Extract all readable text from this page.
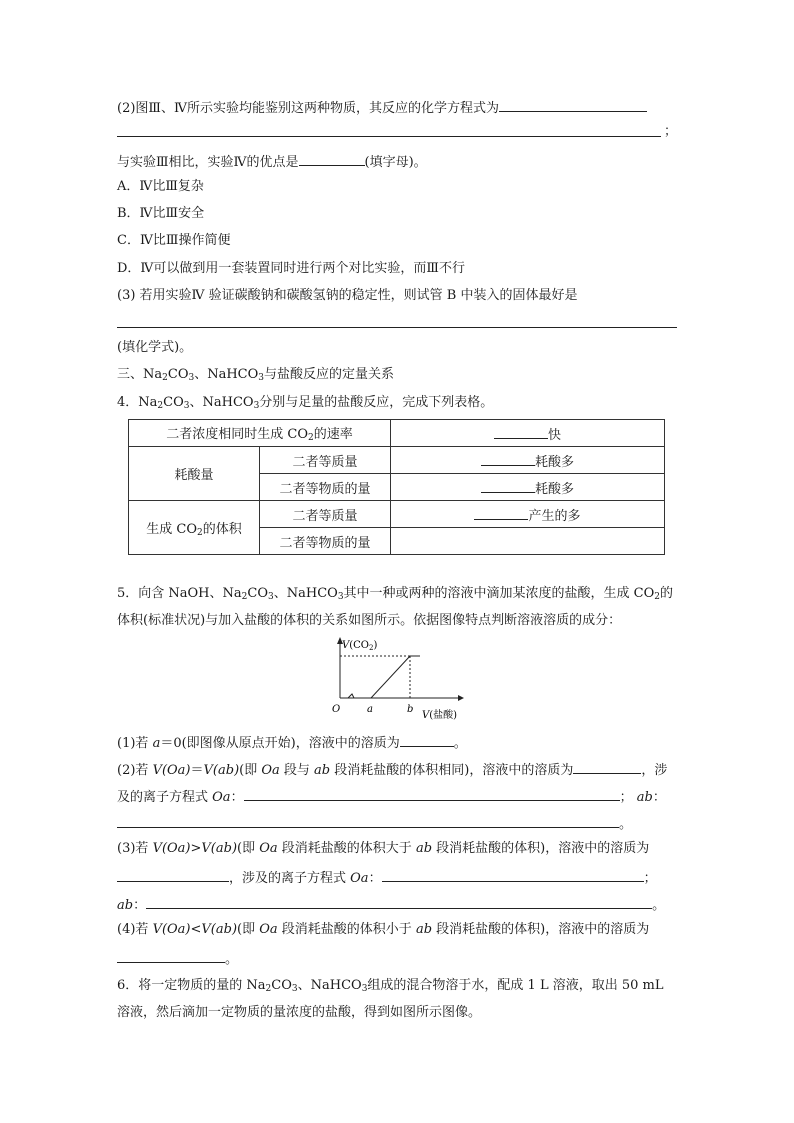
(2)图Ⅲ、Ⅳ所示实验均能鉴别这两种物质，其反应的化学方程式为
；
与实验Ⅲ相比，实验Ⅳ的优点是	(填字母)。
A．Ⅳ比Ⅲ复杂
B．Ⅳ比Ⅲ安全
C．Ⅳ比Ⅲ操作简便
D．Ⅳ可以做到用一套装置同时进行两个对比实验，而Ⅲ不行
(3) 若用实验Ⅳ 验证碳酸钠和碳酸氢钠的稳定性，则试管 B 中装入的固体最好是
(填化学式)。
三、$Na_2CO_3$、NaHCO$_3$与盐酸反应的定量关系
4．$Na_2CO_3$、NaHCO$_3$分别与足量的盐酸反应，完成下列表格。
二者浓度相同时生成 $CO_2$的速率		快
耗酸量	二者等质量	耗酸多
	二者等物质的量	耗酸多
生成 $CO_2$的体积	二者等质量	产生的多
	二者等物质的量	
5．向含 NaOH、$Na_2CO_3$、NaHCO$_3$其中一种或两种的溶液中滴加某浓度的盐酸，生成 $CO_2$的
体积(标准状况)与加入盐酸的体积的关系如图所示。依据图像特点判断溶液溶质的成分：
$V(CO_2)$
O	a	b
V(盐酸)
(1)若 a＝0(即图像从原点开始)，溶液中的溶质为	。
(2)若 V(Oa)＝V(ab)(即 Oa 段与 ab 段消耗盐酸的体积相同)，溶液中的溶质为	，涉
及的离子方程式 Oa：	； ab：
。
(3)若 V(Oa)>V(ab)(即 Oa 段消耗盐酸的体积大于 ab 段消耗盐酸的体积)，溶液中的溶质为
，涉及的离子方程式 Oa：	；
ab：	。
(4)若 V(Oa)<V(ab)(即 Oa 段消耗盐酸的体积小于 ab 段消耗盐酸的体积)，溶液中的溶质为
。
6．将一定物质的量的 $Na_2CO_3$、NaHCO$_3$组成的混合物溶于水，配成 1 L 溶液，取出 50 mL
溶液，然后滴加一定物质的量浓度的盐酸，得到如图所示图像。
